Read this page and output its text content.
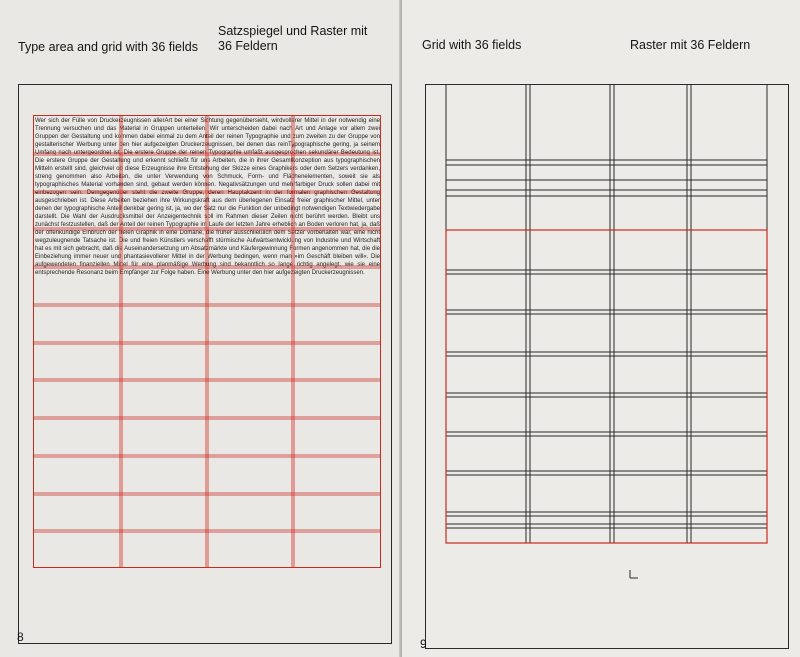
Type area and grid with 36 fields
Satzspiegel und Raster mit
36 Feldern
Wer sich der Fülle von Druckerzeugnissen allerArt bei einer Sichtung gegenübersieht, wirdvollerer Mittel in der notwendig eine Trennung versuchen und das Material in Gruppen unterteilen. Wir unterscheiden dabei nach Art und Anlage vor allem zwei Gruppen der Gestaltung und kommen dabei einmal zu dem Anteil der reinen Typographie und zum zweiten zu der Gruppe von gestalterischer Werbung unter den hier aufgezeigten Druckerzeugnissen, bei denen das reinTypographische gering, ja seinem Umfang nach untergeordnet ist. Die erstere Gruppe der reinen Typographie umfaßt ausgesprochen sekundärer Bedeutung ist. Die erstere Gruppe der Gestaltung und erkennt schließt für uns Arbeiten, die in ihrer Gesamtkonzeption aus typographischen Mitteln erstellt sind, gleichviel ob diese Erzeugnisse ihre Entstehung der Skizze eines Graphikers oder dem Setzers verdanken, streng genommen also Arbeiten, die unter Verwendung von Schmuck, Form- und Flächenelementen, soweit sie als typographisches Material vorhanden sind, gebaut werden können. Negativsätzungen und mehrfarbiger Druck sollen dabei mit einbezogen sein. Demgegenüber steht die zweite Gruppe, deren Hauptakzent in der formalen graphischen Gestaltung ausgeschrieben ist. Diese Arbeiten beziehen ihre Wirkungskraft aus dem überlegenen Einsatz freier graphischer Mittel, unter denen der typographische Anteil denkbar gering ist, ja, wo der Satz nur die Funktion der unbedingt notwendigen Textwiedergabe darstellt. Die Wahl der Ausdrucksmittel der Anzeigentechnik soll im Rahmen dieser Zeilen nicht berührt werden. Bleibt uns zunächst festzustellen, daß der Anteil der reinen Typographie im Laufe der letzten Jahre erheblich an Boden verloren hat, ja, daß der offenkundige Einbruch der freien Graphik in eine Domäne, die früher ausschließlich dem Setzer vorbehalten war, eine nicht wegzuleugnende Tatsache ist. Die und freien Künstlers verschafft stürmische Aufwärtsentwicklung von Industrie und Wirtschaft hat es mit sich gebracht, daß die Auseinandersetzung um Absatzmärkte und Käufergewinnung Formen angenommen hat, die die Einbeziehung immer neuer und phantasievollerer Mittel in der Werbung bedingen, wenn man »im Geschäft bleiben will«. Die aufgewendeten finanziellen Mittel für eine planmäßige Werbung sind bekanntlich so lange richtig angelegt, wie sie eine entsprechende Resonanz beim Empfänger zur Folge haben. Eine Werbung unter den hier aufgezeigten Druckerzeugnissen.
8
Grid with 36 fields	Raster mit 36 Feldern
9
